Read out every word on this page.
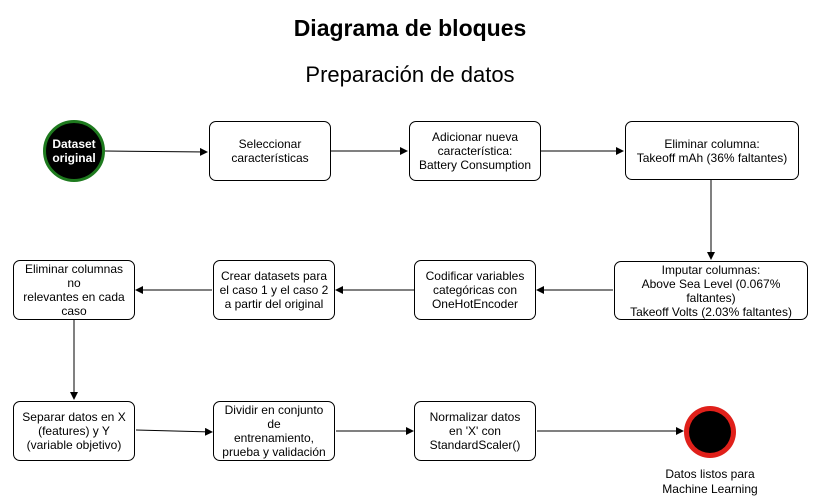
Diagrama de bloques
Preparación de datos
Dataset
original
Seleccionar
características
Adicionar nueva
característica:
Battery Consumption
Eliminar columna:
Takeoff mAh (36% faltantes)
Imputar columnas:
Above Sea Level (0.067% faltantes)
Takeoff Volts (2.03% faltantes)
Codificar variables
categóricas con
OneHotEncoder
Crear datasets para
el caso 1 y el caso 2
a partir del original
Eliminar columnas no
relevantes en cada
caso
Separar datos en X
(features) y Y
(variable objetivo)
Dividir en conjunto de
entrenamiento,
prueba y validación
Normalizar datos
en 'X' con
StandardScaler()
Datos listos para
Machine Learning
